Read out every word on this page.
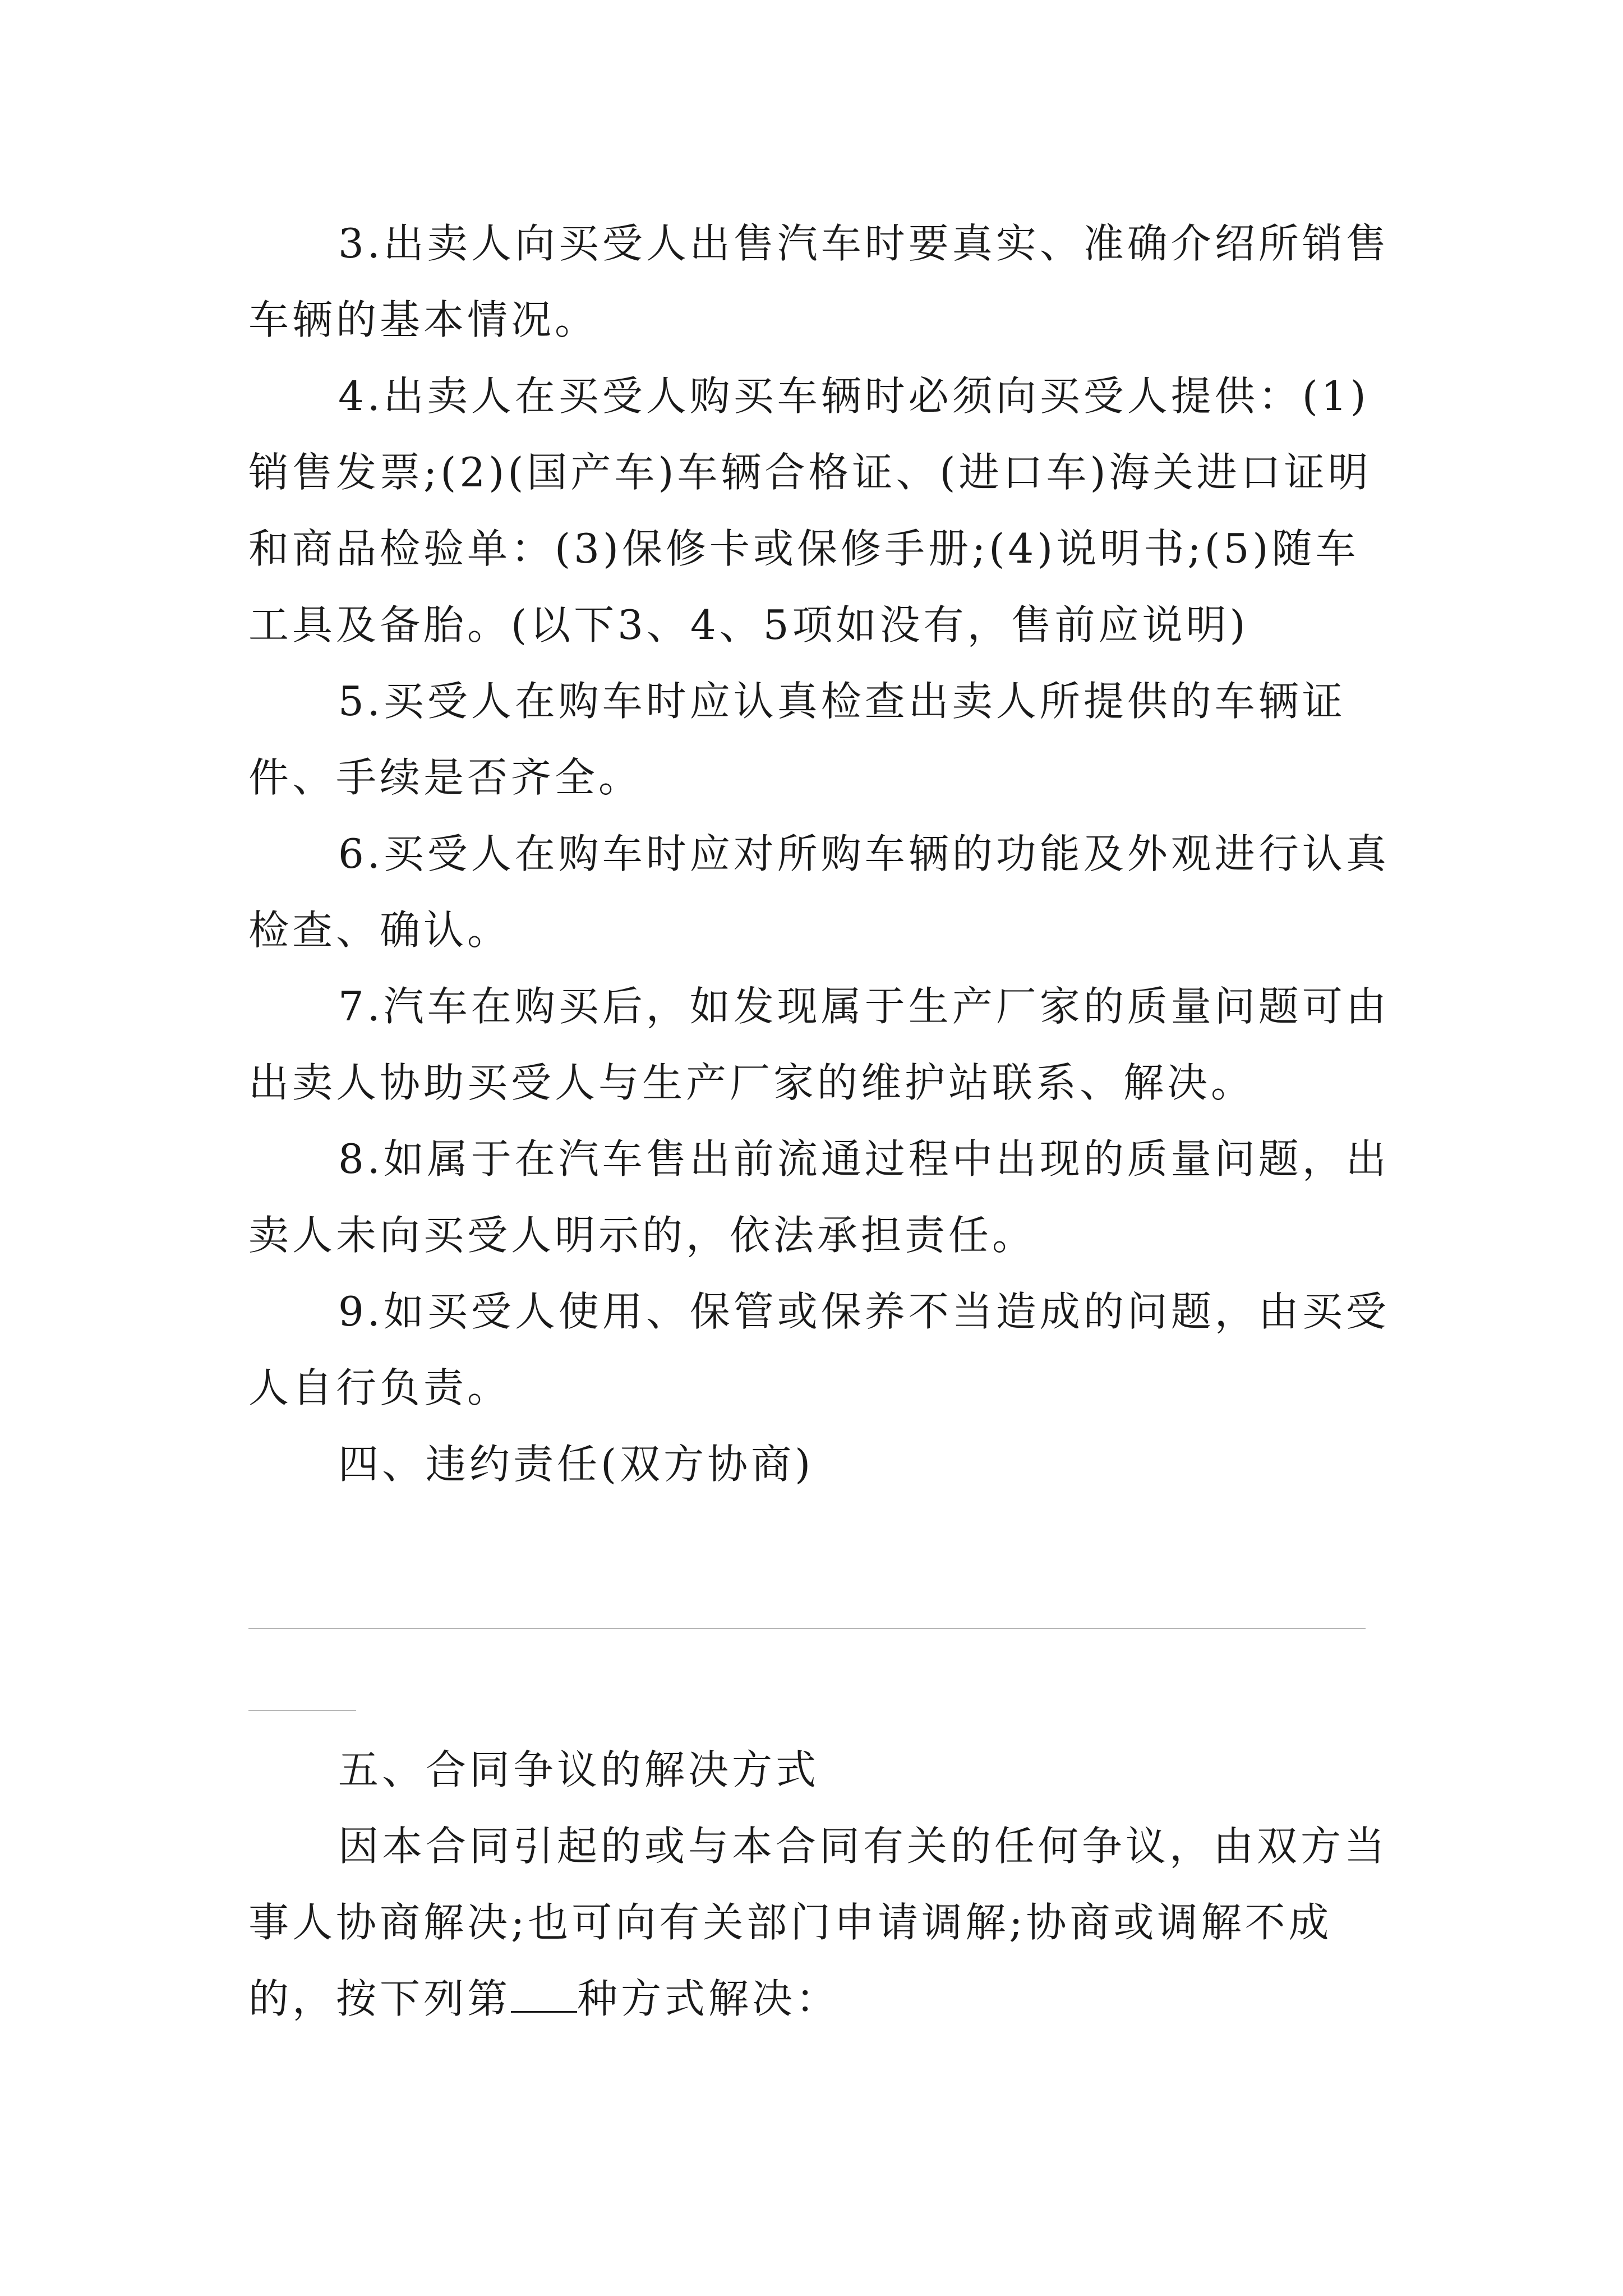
3.出卖人向买受人出售汽车时要真实、准确介绍所销售车辆的基本情况。

4.出卖人在买受人购买车辆时必须向买受人提供：(1)销售发票;(2)(国产车)车辆合格证、(进口车)海关进口证明和商品检验单：(3)保修卡或保修手册;(4)说明书;(5)随车工具及备胎。(以下3、4、5项如没有，售前应说明)

5.买受人在购车时应认真检查出卖人所提供的车辆证件、手续是否齐全。

6.买受人在购车时应对所购车辆的功能及外观进行认真检查、确认。

7.汽车在购买后，如发现属于生产厂家的质量问题可由出卖人协助买受人与生产厂家的维护站联系、解决。

8.如属于在汽车售出前流通过程中出现的质量问题，出卖人未向买受人明示的，依法承担责任。

9.如买受人使用、保管或保养不当造成的问题，由买受人自行负责。

四、违约责任(双方协商)

五、合同争议的解决方式

因本合同引起的或与本合同有关的任何争议，由双方当事人协商解决;也可向有关部门申请调解;协商或调解不成的，按下列第 种方式解决：
